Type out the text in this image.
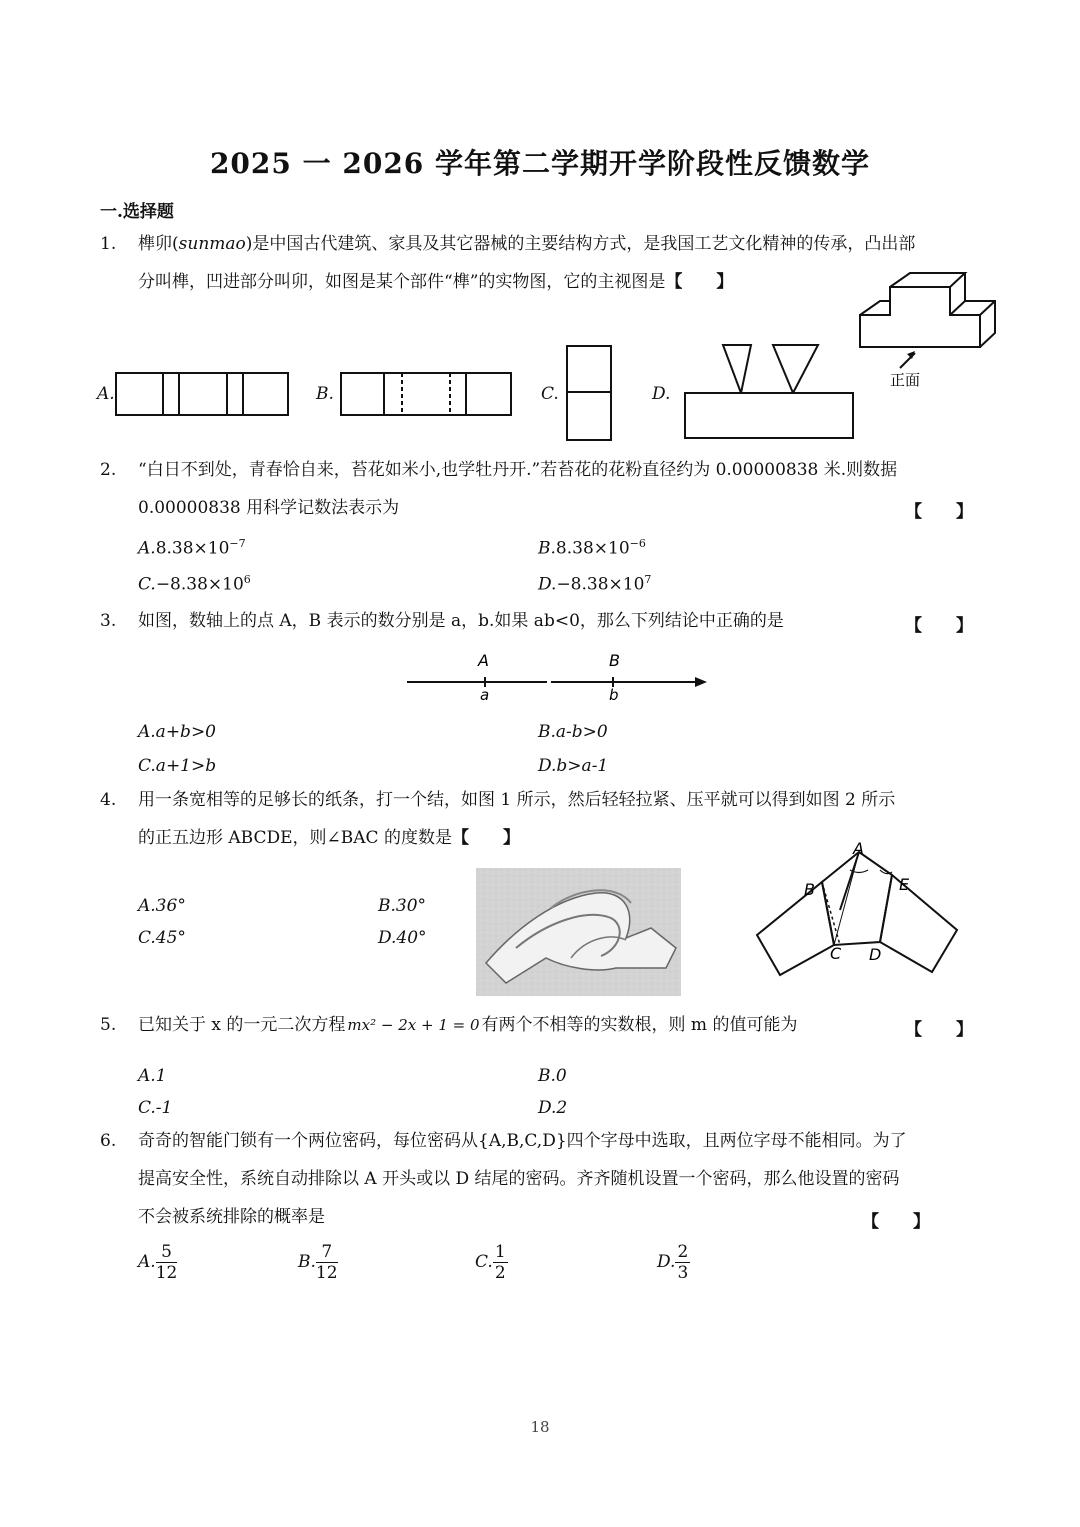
2025 一 2026 学年第二学期开学阶段性反馈数学
一.选择题
1. 榫卯(sunmao)是中国古代建筑、家具及其它器械的主要结构方式，是我国工艺文化精神的传承，凸出部
分叫榫，凹进部分叫卯，如图是某个部件“榫”的实物图，它的主视图是【　　】
正面
A.	B.	C.	D.
2. “白日不到处，青春恰自来，苔花如米小,也学牡丹开.”若苔花的花粉直径约为 0.00000838 米.则数据
0.00000838 用科学记数法表示为	【　　】
$A.8.38\times 10^{-7}$	$B.8.38\times 10^{-6}$
$C.-8.38\times 10^6$	$D.-8.38\times 10^7$
3. 如图，数轴上的点 A，B 表示的数分别是 a，b.如果 ab<0，那么下列结论中正确的是	【　　】
A	B
a	b
A.a+b>0	B.a-b>0
C.a+1>b	D.b>a-1
4. 用一条宽相等的足够长的纸条，打一个结，如图 1 所示，然后轻轻拉紧、压平就可以得到如图 2 所示
的正五边形 ABCDE，则∠BAC 的度数是【　　】
A.36°	B.30°
C.45°	D.40°
A
B
C D
E
5. 已知关于 x 的一元二次方程 mx² − 2x + 1 = 0 有两个不相等的实数根，则 m 的值可能为	【　　】
A.1	B.0
C.-1	D.2
6. 奇奇的智能门锁有一个两位密码，每位密码从{A,B,C,D}四个字母中选取，且两位字母不能相同。为了
提高安全性，系统自动排除以 A 开头或以 D 结尾的密码。齐齐随机设置一个密码，那么他设置的密码
不会被系统排除的概率是	【　　】
A. $\frac{5}{12}$	B. $\frac{7}{12}$	C. $\frac{1}{2}$	D. $\frac{2}{3}$
18
